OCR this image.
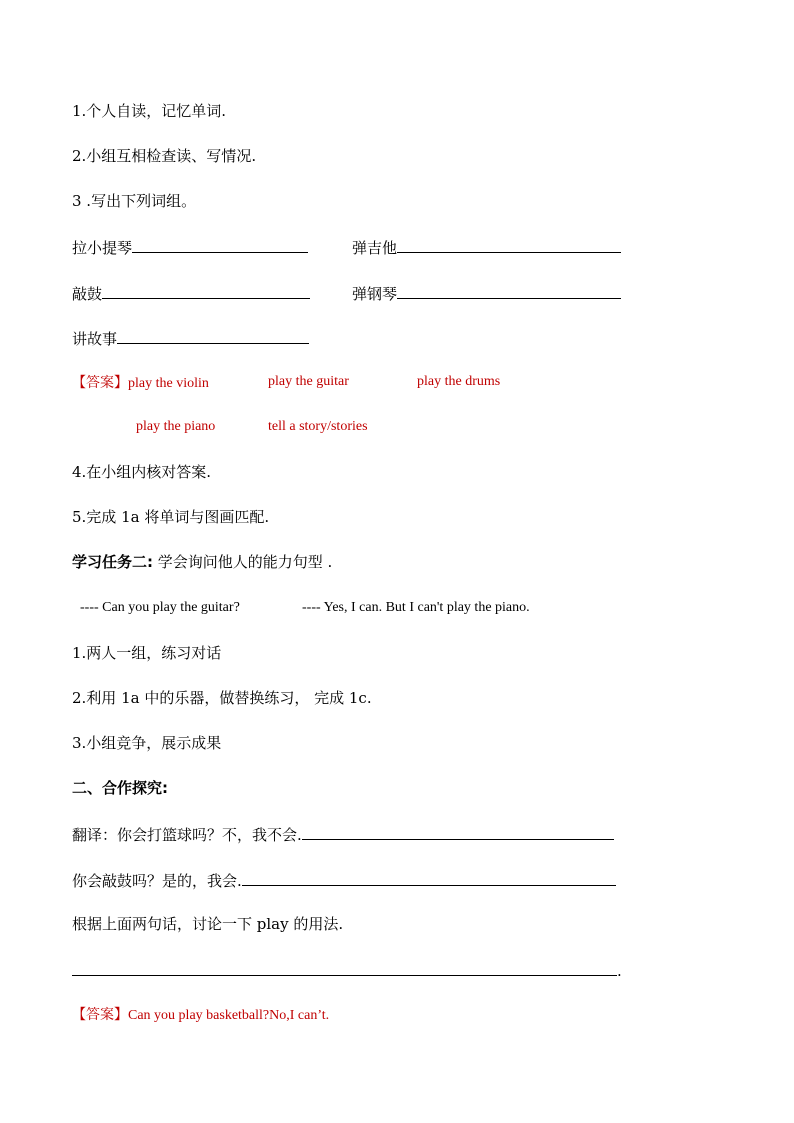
1.个人自读，记忆单词.
2.小组互相检查读、写情况.
3 .写出下列词组。
拉小提琴	弹吉他
敲鼓	弹钢琴
讲故事
【答案】play the violin	play the guitar	play the drums
play the piano	tell a story/stories
4.在小组内核对答案.
5.完成 1a 将单词与图画匹配.
学习任务二: 学会询问他人的能力句型 .
---- Can you play the guitar?	---- Yes, I can. But I can't play the piano.
1.两人一组，练习对话
2.利用 1a 中的乐器，做替换练习， 完成 1c.
3.小组竞争，展示成果
二、合作探究:
翻译：你会打篮球吗？不，我不会.
你会敲鼓吗？是的，我会.
根据上面两句话，讨论一下 play 的用法.
.
【答案】Can you play basketball?No,I can’t.
